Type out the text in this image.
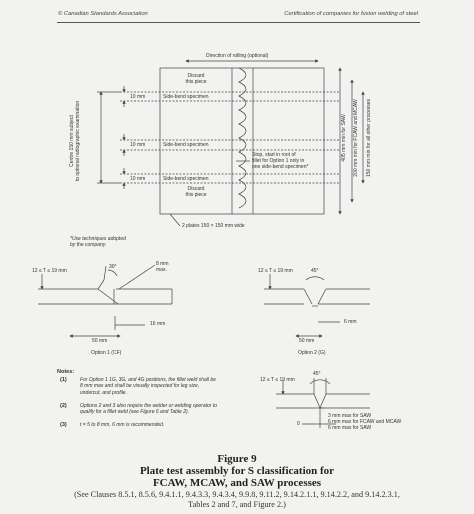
© Canadian Standards Association	Certification of companies for fusion welding of steel
Direction of rolling (optional)
Discard
this piece
Side-bend specimen
Side-bend specimen
Side-bend specimen
Discard
this piece
10 mm
10 mm
10 mm
Stop, start in root of
fillet for Option 1 only in
one side-bend specimen*
Centre 150 mm subject to optional radiographic examination	405 mm min for SAW 200 mm min for FCAW and MCAW 150 mm min for all other processes
2 plates 150 × 150 mm wide
*Use techniques adopted
by the company.
12 ≤ T ≤ 19 mm
30°	8 mm
max.
16 mm
50 mm
Option 1 (CF)
12 ≤ T ≤ 19 mm	45°
6 mm
50 mm
Option 2 (G)
12 ≤ T ≤ 19 mm
45°
0
3 mm max for SAW
6 mm max for FCAW and MCAW
6 mm max for SAW
Notes:
(1)	For Option 1 1G, 3G, and 4G positions, the fillet weld shall be 8 mm max and shall be visually inspected for leg size, undercut, and profile.
(2)	Options 2 and 3 also require the welder or welding operator to qualify for a fillet weld (see Figure 6 and Table 2).
(3)	t = 5 to 8 mm, 6 mm is recommended.
Figure 9
Plate test assembly for S classification for
FCAW, MCAW, and SAW processes
(See Clauses 8.5.1, 8.5.6, 9.4.1.1, 9.4.3.3, 9.4.3.4, 9.9.8, 9.11.2, 9.14.2.1.1, 9.14.2.2, and 9.14.2.3.1,
Tables 2 and 7, and Figure 2.)
